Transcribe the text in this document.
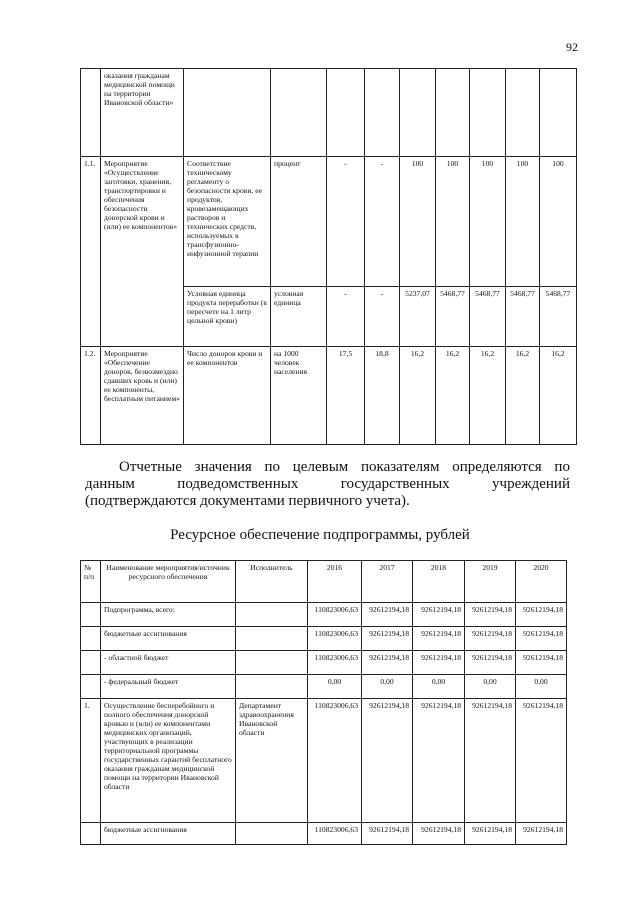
92
	оказания гражданам медицинской помощи на территории Ивановской области»									
1.1.	Мероприятие «Осуществление заготовки, хранения, транспортировки и обеспечения безопасности донорской крови и (или) ее компонентов»	Соответствие техническому регламенту о безопасности крови, ее продуктов, кровезамещающих растворов и технических средств, используемых в трансфузионно-инфузионной терапии	процент	-	-	100	100	100	100	100
		Условная единица продукта переработки (в пересчете на 1 литр цельной крови)	условная единица	-	-	5237,07	5468,77	5468,77	5468,77	5468,77
1.2.	Мероприятие «Обеспечение доноров, безвозмездно сдавших кровь и (или) ее компоненты, бесплатным питанием»	Число доноров крови и ее компонентов	на 1000 человек населения	17,5	18,8	16,2	16,2	16,2	16,2	16,2
Отчетные значения по целевым показателям определяются по
данным	подведомственных	государственных	учреждений
(подтверждаются документами первичного учета).
Ресурсное обеспечение подпрограммы, рублей
№ п/п	Наименование мероприятия/источник ресурсного обеспечения	Исполнитель	2016	2017	2018	2019	2020
	Подпрограмма, всего:		110823006,63	92612194,18	92612194,18	92612194,18	92612194,18
	бюджетные ассигнования		110823006,63	92612194,18	92612194,18	92612194,18	92612194,18
	- областной бюджет		110823006,63	92612194,18	92612194,18	92612194,18	92612194,18
	- федеральный бюджет		0,00	0,00	0,00	0,00	0,00
1.	Осуществление бесперебойного и полного обеспечения донорской кровью и (или) ее компонентами медицинских организаций, участвующих в реализации территориальной программы государственных гарантий бесплатного оказания гражданам медицинской помощи на территории Ивановской области	Департамент здравоохранения Ивановской области	110823006,63	92612194,18	92612194,18	92612194,18	92612194,18
	бюджетные ассигнования		110823006,63	92612194,18	92612194,18	92612194,18	92612194,18
